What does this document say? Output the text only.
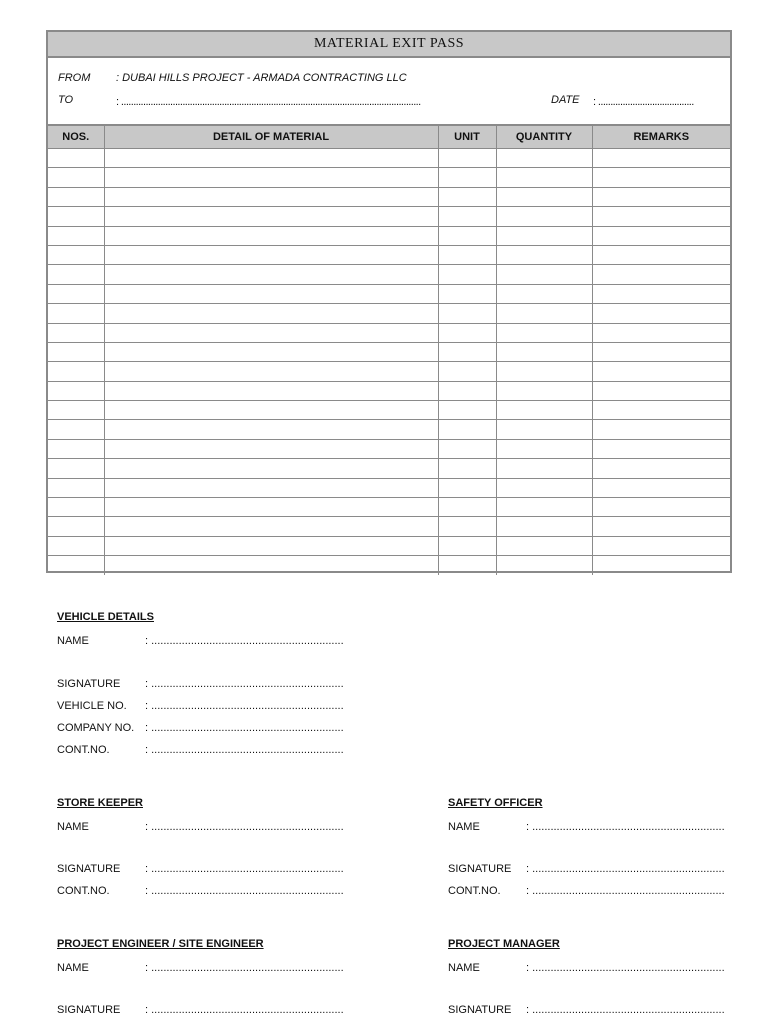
MATERIAL EXIT PASS
FROM : DUBAI HILLS PROJECT - ARMADA CONTRACTING LLC
TO	: ..........................................................................................................................	DATE : .......................................
NOS.	DETAIL OF MATERIAL	UNIT	QUANTITY	REMARKS

VEHICLE DETAILS
NAME	: ...............................................................
SIGNATURE : ...............................................................
VEHICLE NO. : ...............................................................
COMPANY NO. : ...............................................................
CONT.NO.	: ...............................................................
STORE KEEPER
NAME	: ...............................................................
SIGNATURE : ...............................................................
CONT.NO.	: ...............................................................
SAFETY OFFICER
NAME	: ...............................................................
SIGNATURE : ...............................................................
CONT.NO. : ...............................................................
PROJECT ENGINEER / SITE ENGINEER
NAME	: ...............................................................
SIGNATURE : ...............................................................
PROJECT MANAGER
NAME	: ...............................................................
SIGNATURE : ...............................................................
